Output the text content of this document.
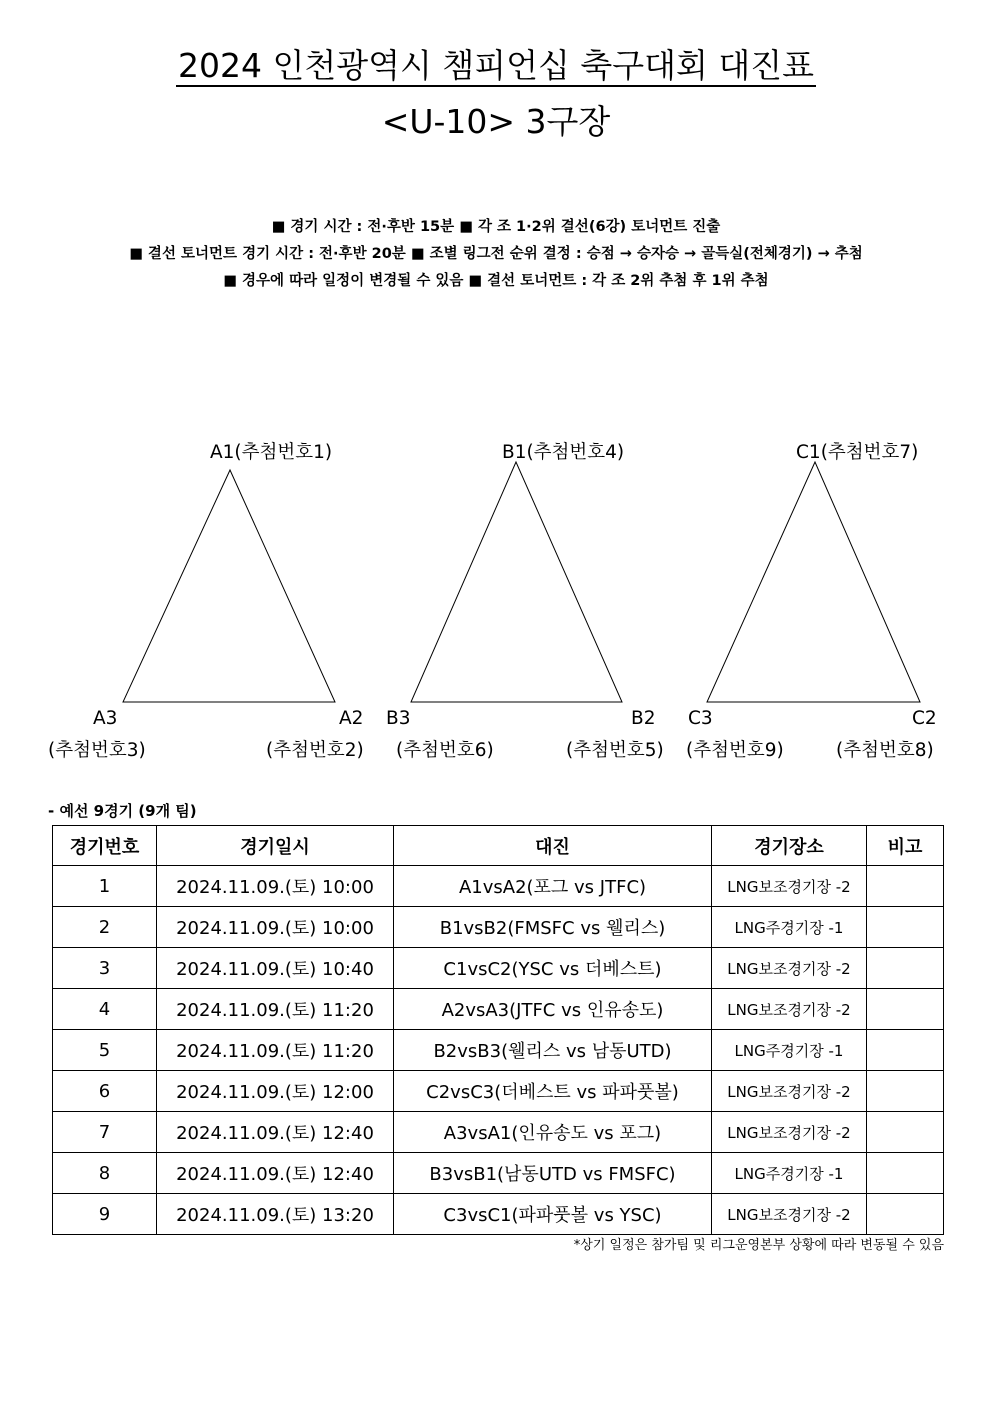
2024 인천광역시 챔피언십 축구대회 대진표
<U-10> 3구장
■ 경기 시간 : 전·후반 15분 ■ 각 조 1·2위 결선(6강) 토너먼트 진출
■ 결선 토너먼트 경기 시간 : 전·후반 20분 ■ 조별 링그전 순위 결정 : 승점 → 승자승 → 골득실(전체경기) → 추첨
■ 경우에 따라 일정이 변경될 수 있음 ■ 결선 토너먼트 : 각 조 2위 추첨 후 1위 추첨
A1(추첨번호1)
A3
(추첨번호3)
A2
(추첨번호2)
B1(추첨번호4)
B3
(추첨번호6)
B2
(추첨번호5)
C1(추첨번호7)
C3
(추첨번호9)
C2
(추첨번호8)
- 예선 9경기 (9개 팀)
경기번호	경기일시	대진	경기장소	비고
1	2024.11.09.(토) 10:00	A1vsA2(포그 vs JTFC)	LNG보조경기장 -2	
2	2024.11.09.(토) 10:00	B1vsB2(FMSFC vs 웰리스)	LNG주경기장 -1	
3	2024.11.09.(토) 10:40	C1vsC2(YSC vs 더베스트)	LNG보조경기장 -2	
4	2024.11.09.(토) 11:20	A2vsA3(JTFC vs 인유송도)	LNG보조경기장 -2	
5	2024.11.09.(토) 11:20	B2vsB3(웰리스 vs 남동UTD)	LNG주경기장 -1	
6	2024.11.09.(토) 12:00	C2vsC3(더베스트 vs 파파풋볼)	LNG보조경기장 -2	
7	2024.11.09.(토) 12:40	A3vsA1(인유송도 vs 포그)	LNG보조경기장 -2	
8	2024.11.09.(토) 12:40	B3vsB1(남동UTD vs FMSFC)	LNG주경기장 -1	
9	2024.11.09.(토) 13:20	C3vsC1(파파풋볼 vs YSC)	LNG보조경기장 -2	
*상기 일정은 참가팀 및 리그운영본부 상황에 따라 변동될 수 있음
